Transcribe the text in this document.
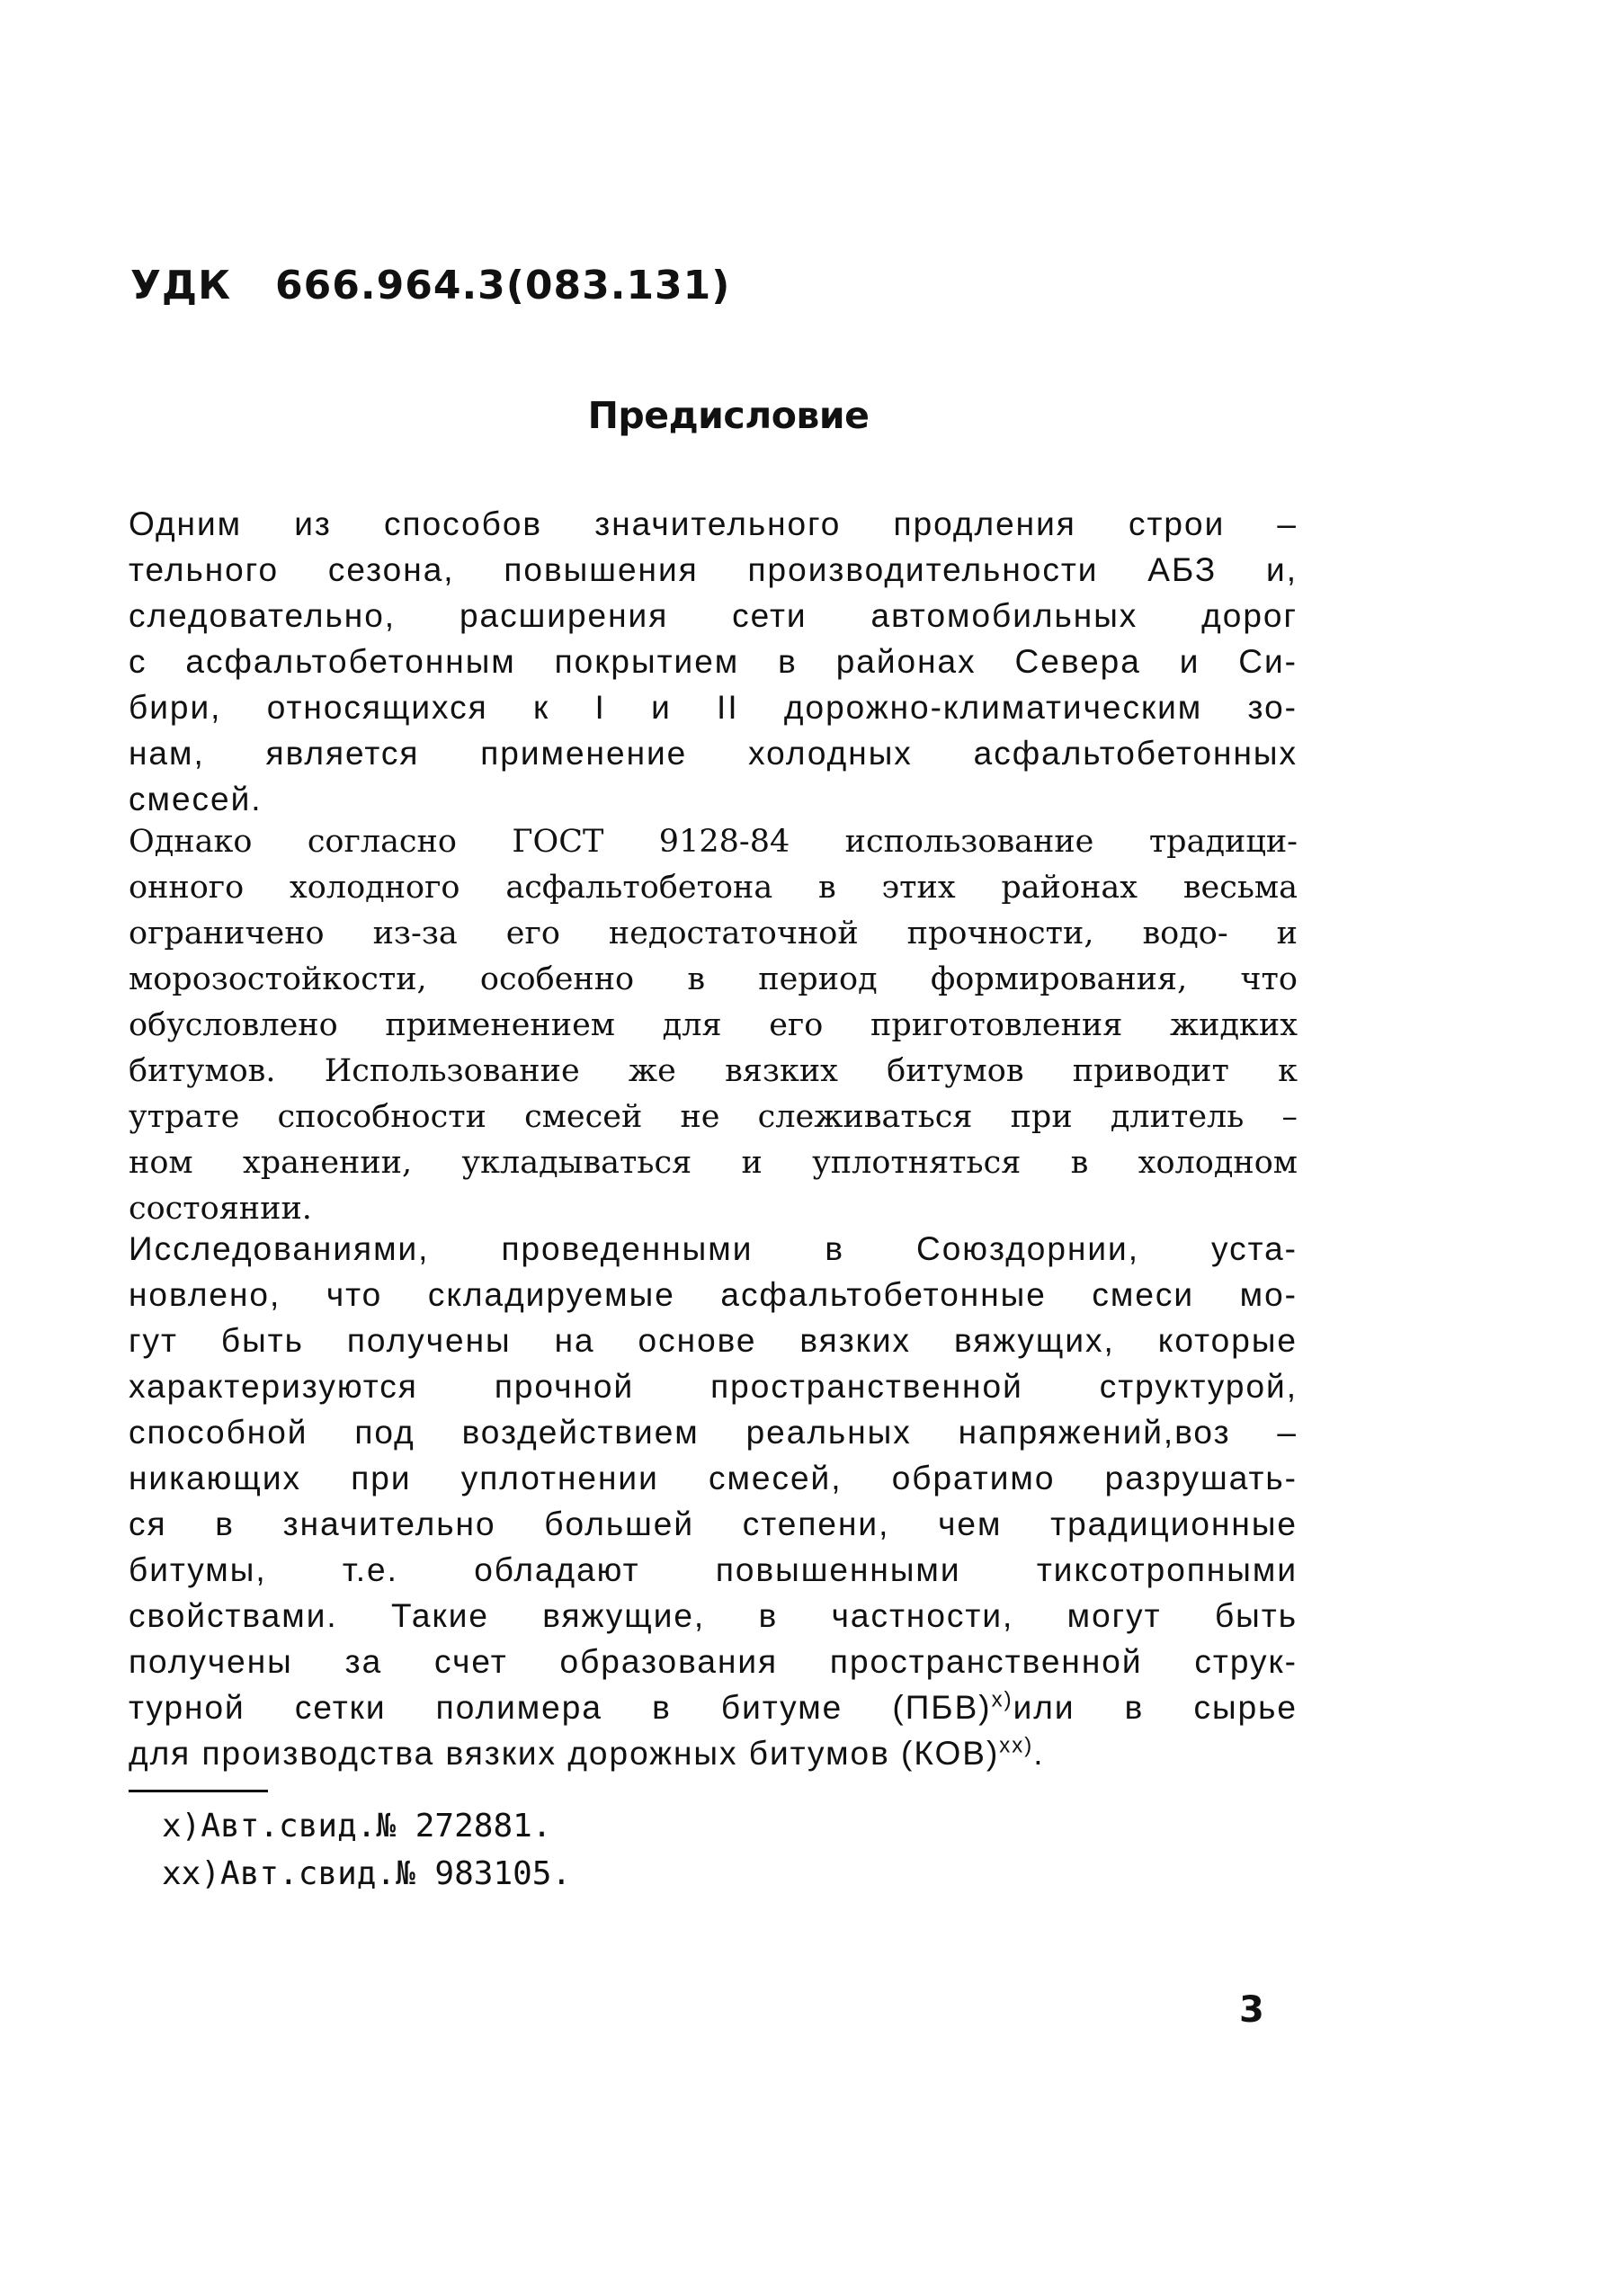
УДК   666.964.3(083.131)
Предисловие
Одним из способов значительного продления строи –
тельного сезона, повышения производительности АБЗ и,
следовательно, расширения сети автомобильных дорог
с асфальтобетонным покрытием в районах Севера и Си-
бири, относящихся к I и II дорожно-климатическим зо-
нам, является применение холодных асфальтобетонных
смесей.
Однако согласно ГОСТ 9128-84 использование традици-
онного холодного асфальтобетона в этих районах весьма
ограничено из-за его недостаточной прочности, водо- и
морозостойкости, особенно в период формирования, что
обусловлено применением для его приготовления жидких
битумов. Использование же вязких битумов приводит к
утрате способности смесей не слеживаться при длитель –
ном хранении, укладываться и уплотняться в холодном
состоянии.
Исследованиями, проведенными в Союздорнии, уста-
новлено, что складируемые асфальтобетонные смеси мо-
гут быть получены на основе вязких вяжущих, которые
характеризуются прочной пространственной структурой,
способной под воздействием реальных напряжений,воз –
никающих при уплотнении смесей, обратимо разрушать-
ся в значительно большей степени, чем традиционные
битумы, т.е. обладают повышенными тиксотропными
свойствами. Такие вяжущие, в частности, могут быть
получены за счет образования пространственной струк-
турной сетки полимера в битуме (ПБВ)$^{х)}$или в сырье
для производства вязких дорожных битумов (КОВ)$^{хх)}$.
х)Авт.свид.№ 272881.
хх)Авт.свид.№ 983105.
3
